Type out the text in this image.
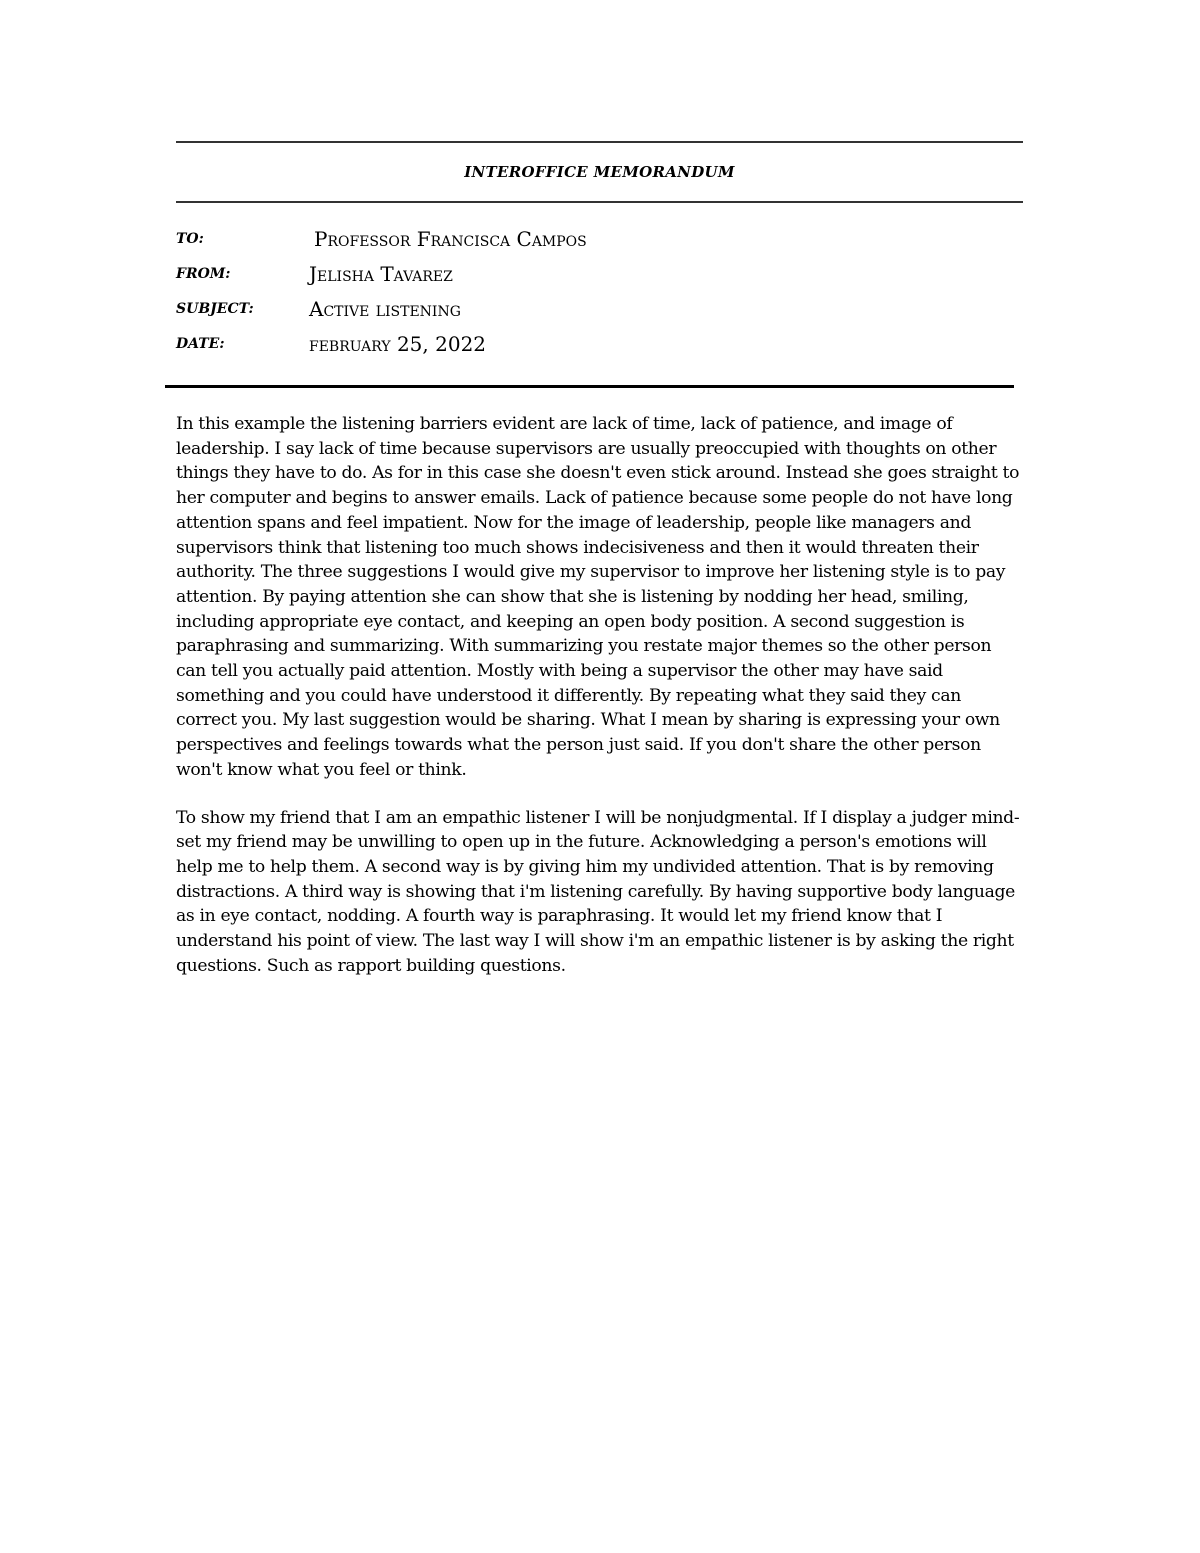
INTEROFFICE MEMORANDUM
TO:	Professor Francisca Campos
FROM:	Jelisha Tavarez
SUBJECT:	Active listening
DATE:	february 25, 2022

In this example the listening barriers evident are lack of time, lack of patience, and image of leadership. I say lack of time because supervisors are usually preoccupied with thoughts on other things they have to do. As for in this case she doesn't even stick around. Instead she goes straight to her computer and begins to answer emails. Lack of patience because some people do not have long attention spans and feel impatient. Now for the image of leadership, people like managers and supervisors think that listening too much shows indecisiveness and then it would threaten their authority. The three suggestions I would give my supervisor to improve her listening style is to pay attention. By paying attention she can show that she is listening by nodding her head, smiling, including appropriate eye contact, and keeping an open body position. A second suggestion is paraphrasing and summarizing. With summarizing you restate major themes so the other person can tell you actually paid attention. Mostly with being a supervisor the other may have said something and you could have understood it differently. By repeating what they said they can correct you. My last suggestion would be sharing. What I mean by sharing is expressing your own perspectives and feelings towards what the person just said. If you don't share the other person won't know what you feel or think.

To show my friend that I am an empathic listener I will be nonjudgmental. If I display a judger mind-set my friend may be unwilling to open up in the future. Acknowledging a person's emotions will help me to help them. A second way is by giving him my undivided attention. That is by removing distractions. A third way is showing that i'm listening carefully. By having supportive body language as in eye contact, nodding. A fourth way is paraphrasing. It would let my friend know that I understand his point of view. The last way I will show i'm an empathic listener is by asking the right questions. Such as rapport building questions.
